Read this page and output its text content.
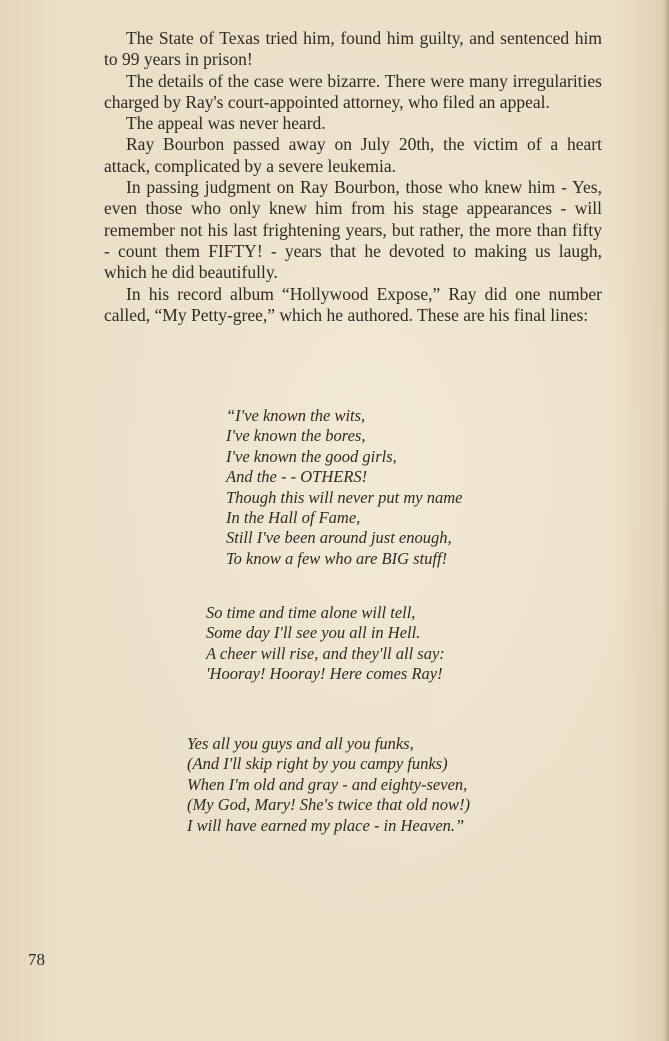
The State of Texas tried him, found him guilty, and sentenced him to 99 years in prison!

The details of the case were bizarre. There were many irregularities charged by Ray's court-appointed attorney, who filed an appeal.

The appeal was never heard.

Ray Bourbon passed away on July 20th, the victim of a heart attack, complicated by a severe leukemia.

In passing judgment on Ray Bourbon, those who knew him - Yes, even those who only knew him from his stage appearances - will remember not his last frightening years, but rather, the more than fifty - count them FIFTY! - years that he devoted to making us laugh, which he did beautifully.

In his record album “Hollywood Expose,” Ray did one number called, “My Petty-gree,” which he authored. These are his final lines:

“I've known the wits,
I've known the bores,
I've known the good girls,
And the - - OTHERS!
Though this will never put my name
In the Hall of Fame,
Still I've been around just enough,
To know a few who are BIG stuff!
So time and time alone will tell,
Some day I'll see you all in Hell.
A cheer will rise, and they'll all say:
'Hooray! Hooray! Here comes Ray!
Yes all you guys and all you funks,
(And I'll skip right by you campy funks)
When I'm old and gray - and eighty-seven,
(My God, Mary! She's twice that old now!)
I will have earned my place - in Heaven.”
78
